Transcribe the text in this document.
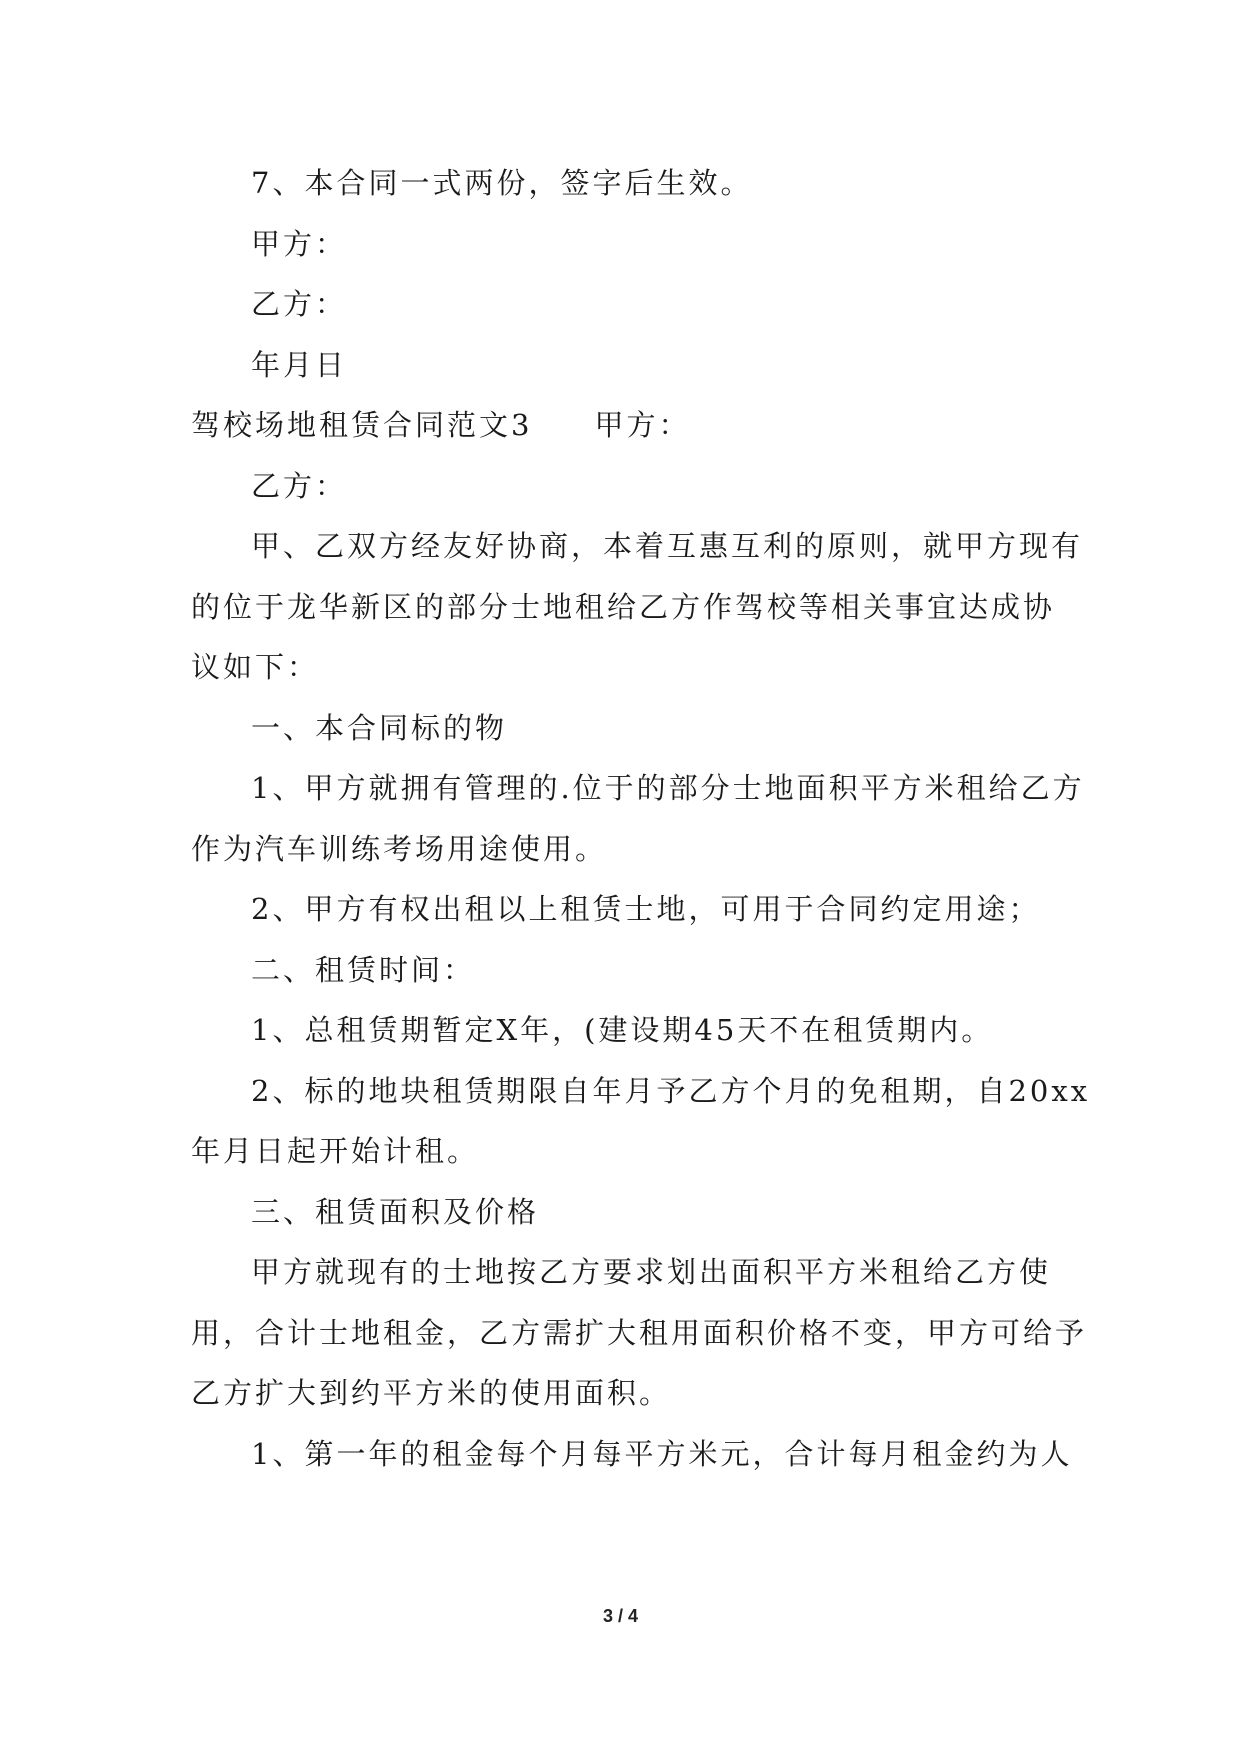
7、本合同一式两份，签字后生效。
甲方：
乙方：
年月日
驾校场地租赁合同范文3 甲方：
乙方：
甲、乙双方经友好协商，本着互惠互利的原则，就甲方现有
的位于龙华新区的部分士地租给乙方作驾校等相关事宜达成协
议如下：
一、本合同标的物
1、甲方就拥有管理的.位于的部分士地面积平方米租给乙方
作为汽车训练考场用途使用。
2、甲方有权出租以上租赁士地，可用于合同约定用途；
二、租赁时间：
1、总租赁期暂定X年，(建设期45天不在租赁期内。
2、标的地块租赁期限自年月予乙方个月的免租期，自20xx
年月日起开始计租。
三、租赁面积及价格
甲方就现有的士地按乙方要求划出面积平方米租给乙方使
用，合计士地租金，乙方需扩大租用面积价格不变，甲方可给予
乙方扩大到约平方米的使用面积。
1、第一年的租金每个月每平方米元，合计每月租金约为人
3 / 4
